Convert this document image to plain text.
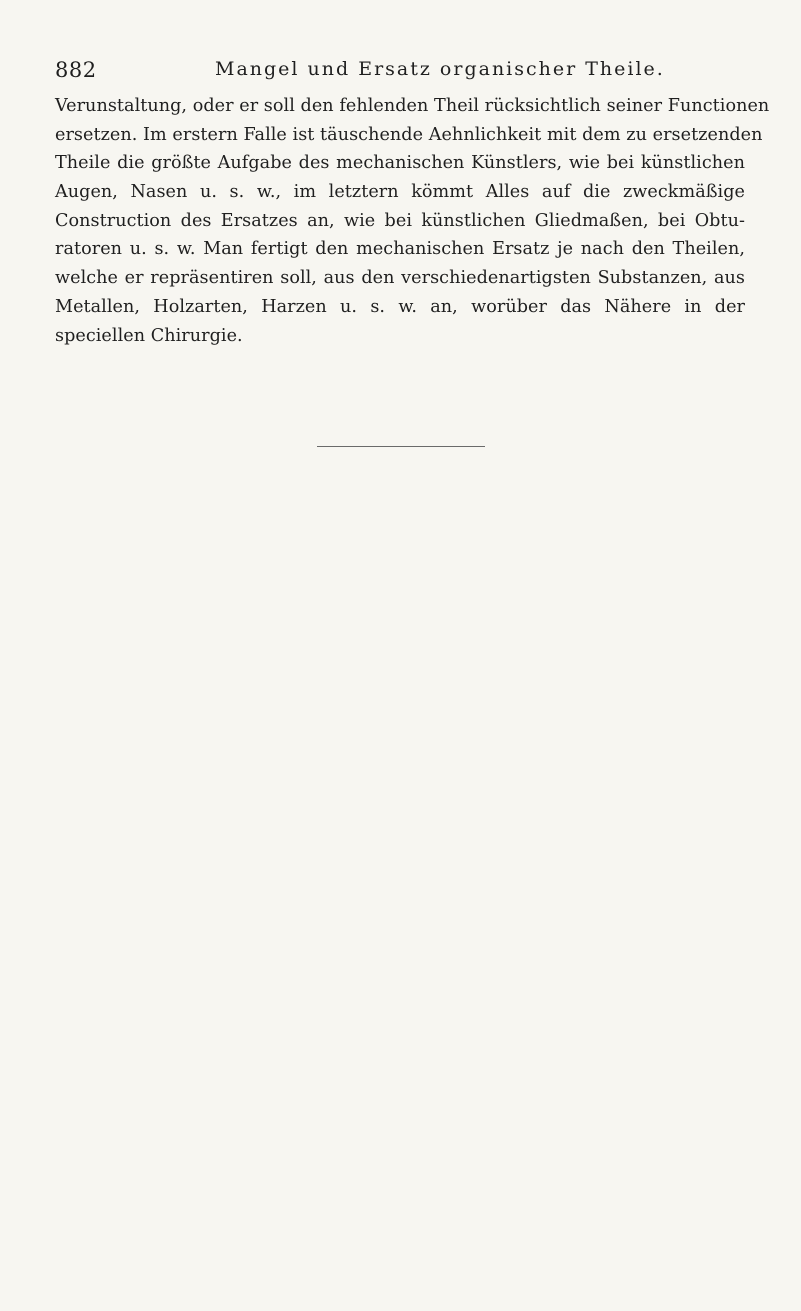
882	Mangel und Ersatz organischer Theile.
Verunstaltung, oder er soll den fehlenden Theil rücksichtlich seiner Functionen
ersetzen. Im erstern Falle ist täuschende Aehnlichkeit mit dem zu ersetzenden
Theile die größte Aufgabe des mechanischen Künstlers, wie bei künstlichen
Augen, Nasen u. s. w., im letztern kömmt Alles auf die zweckmäßige
Construction des Ersatzes an, wie bei künstlichen Gliedmaßen, bei Obtu-
ratoren u. s. w. Man fertigt den mechanischen Ersatz je nach den Theilen,
welche er repräsentiren soll, aus den verschiedenartigsten Substanzen, aus
Metallen, Holzarten, Harzen u. s. w. an, worüber das Nähere in der
speciellen Chirurgie.
